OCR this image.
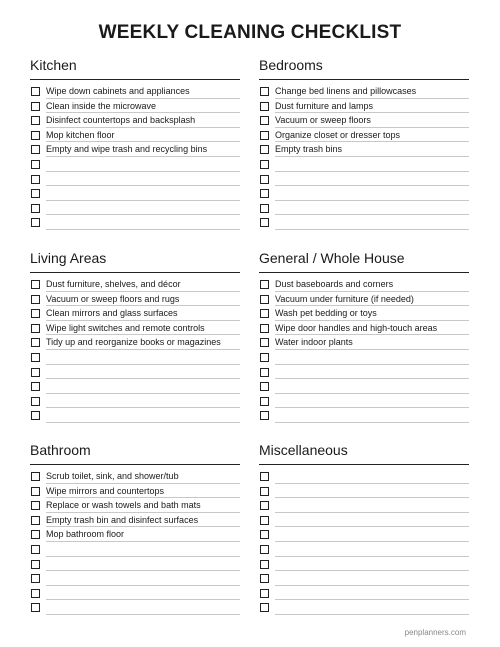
WEEKLY CLEANING CHECKLIST
Kitchen
Wipe down cabinets and appliances
Clean inside the microwave
Disinfect countertops and backsplash
Mop kitchen floor
Empty and wipe trash and recycling bins
Bedrooms
Change bed linens and pillowcases
Dust furniture and lamps
Vacuum or sweep floors
Organize closet or dresser tops
Empty trash bins
Living Areas
Dust furniture, shelves, and décor
Vacuum or sweep floors and rugs
Clean mirrors and glass surfaces
Wipe light switches and remote controls
Tidy up and reorganize books or magazines
General / Whole House
Dust baseboards and corners
Vacuum under furniture (if needed)
Wash pet bedding or toys
Wipe door handles and high-touch areas
Water indoor plants
Bathroom
Scrub toilet, sink, and shower/tub
Wipe mirrors and countertops
Replace or wash towels and bath mats
Empty trash bin and disinfect surfaces
Mop bathroom floor
Miscellaneous
penplanners.com
